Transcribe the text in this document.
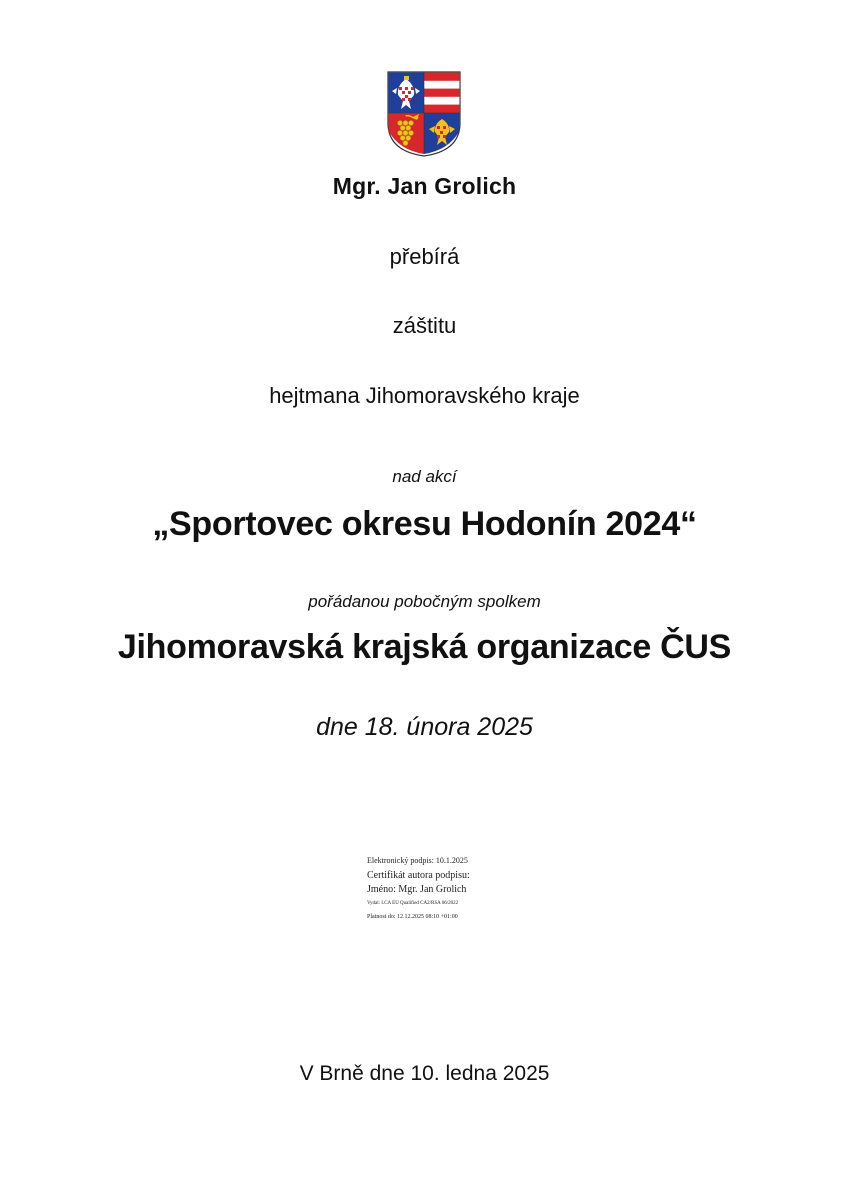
Mgr. Jan Grolich
přebírá
záštitu
hejtmana Jihomoravského kraje
nad akcí
„Sportovec okresu Hodonín 2024“
pořádanou pobočným spolkem
Jihomoravská krajská organizace ČUS
dne 18. února 2025
Elektronický podpis: 10.1.2025
Certifikát autora podpisu:
Jméno: Mgr. Jan Grolich
Vydal: I.CA EU Qualified CA2/RSA 06/2022
Platnost do: 12.12.2025 08:10 +01:00
V Brně dne 10. ledna 2025
